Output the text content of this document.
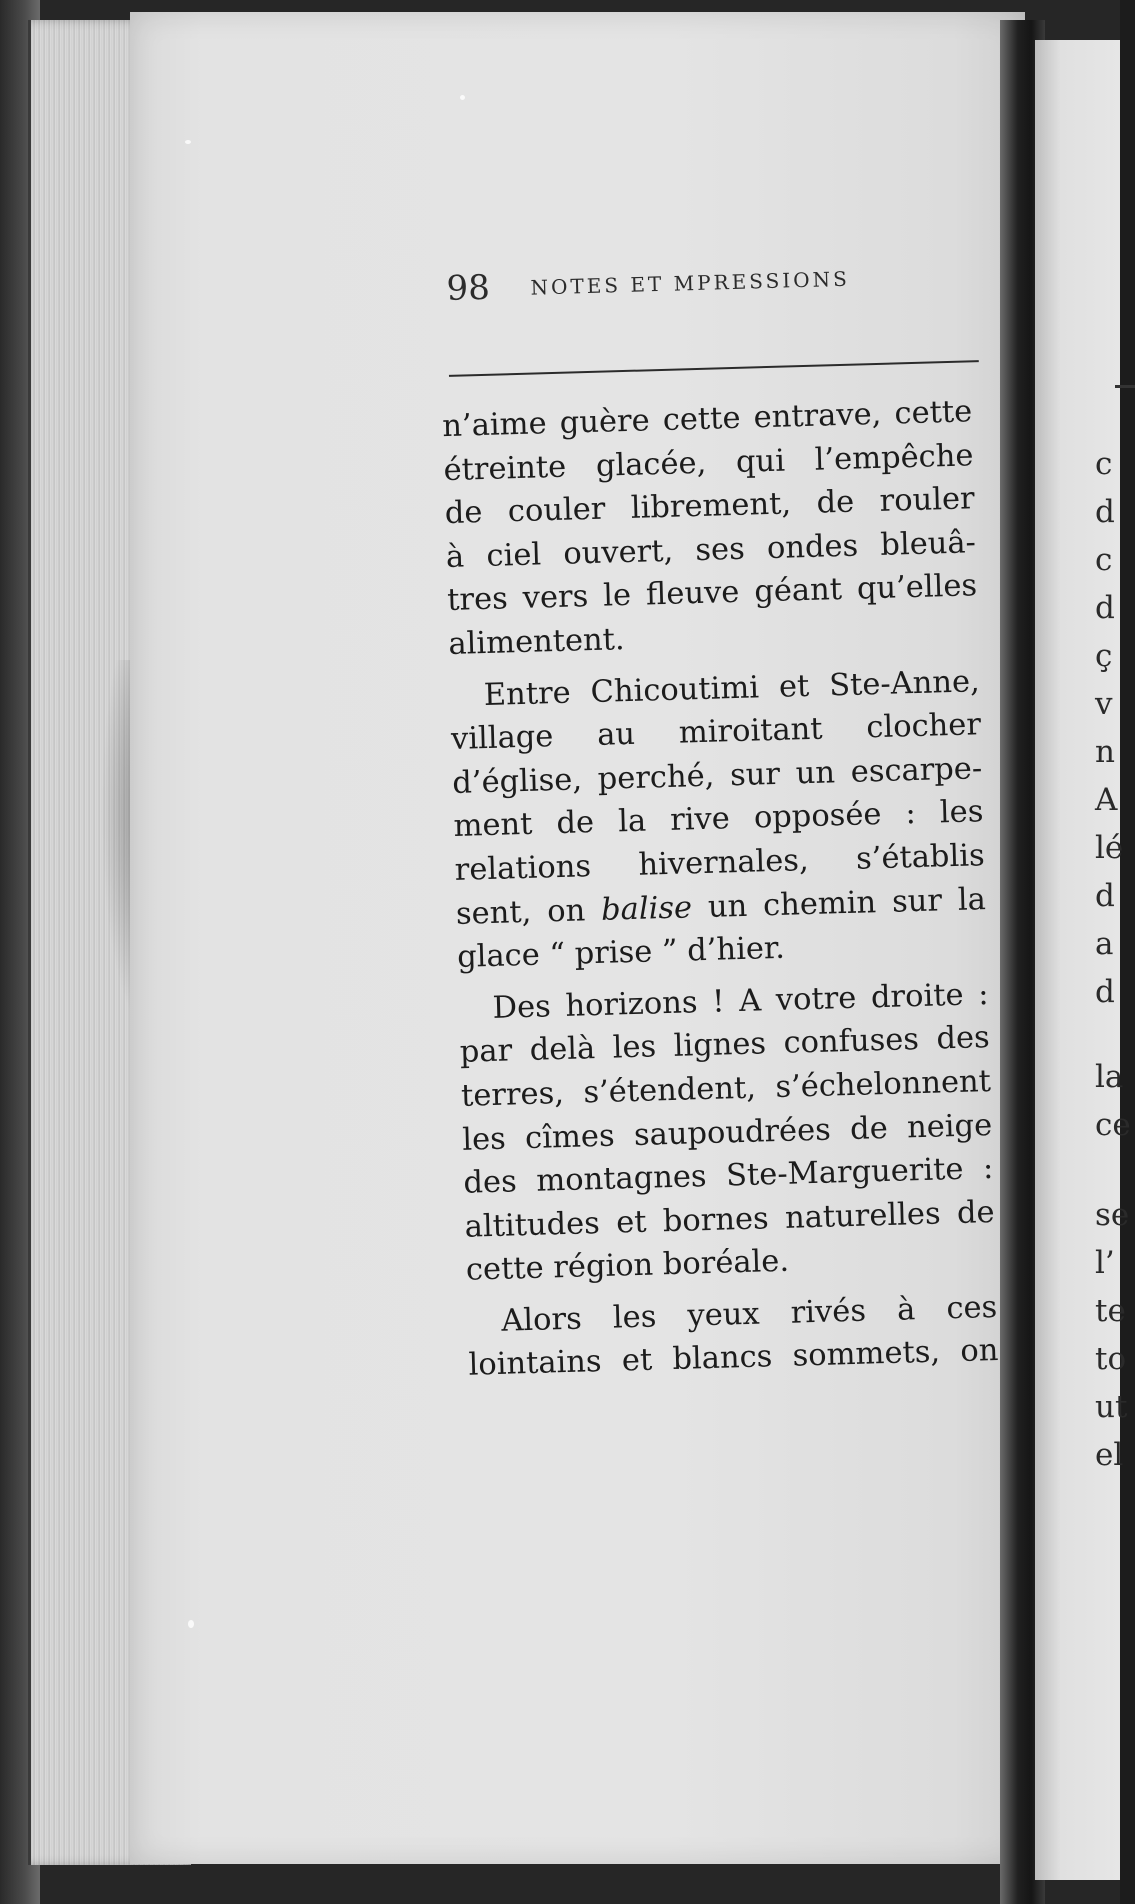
c
d
c
d
ç
v
n
A
lé
d
a
d
la
ce
se
l’
te
to
ut
el
98 NOTES ET MPRESSIONS
n’aime guère cette entrave, cette
étreinte glacée, qui l’empêche
de couler librement, de rouler
à ciel ouvert, ses ondes bleuâ-
tres vers le fleuve géant qu’elles
alimentent.
Entre Chicoutimi et Ste-Anne,
village au miroitant clocher
d’église, perché, sur un escarpe-
ment de la rive opposée : les
relations hivernales, s’établis
sent, on balise un chemin sur la
glace “ prise ” d’hier.
Des horizons ! A votre droite :
par delà les lignes confuses des
terres, s’étendent, s’échelonnent
les cîmes saupoudrées de neige
des montagnes Ste-Marguerite :
altitudes et bornes naturelles de
cette région boréale.
Alors les yeux rivés à ces
lointains et blancs sommets, on
